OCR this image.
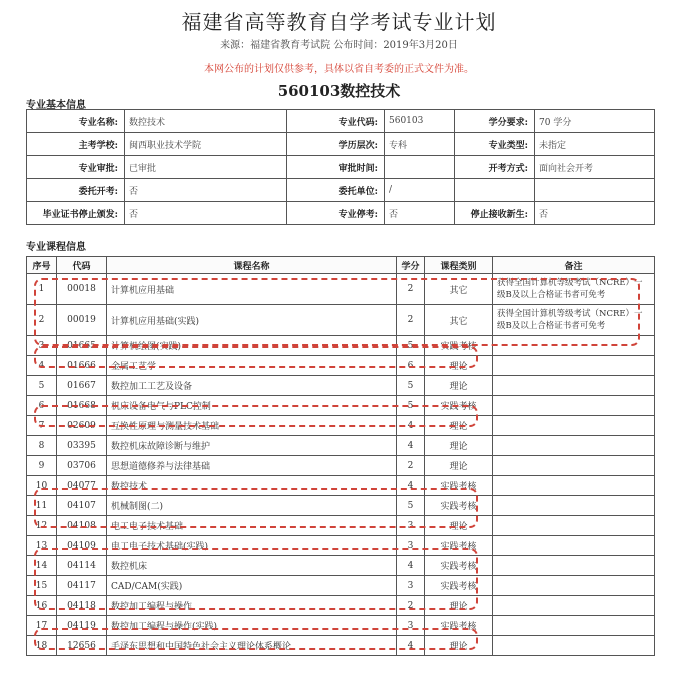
福建省高等教育自学考试专业计划
来源：福建省教育考试院 公布时间：2019年3月20日
本网公布的计划仅供参考，具体以省自考委的正式文件为准。
560103数控技术
专业基本信息
专业名称:	数控技术	专业代码:	560103	学分要求:	70 学分
主考学校:	闽西职业技术学院	学历层次:	专科	专业类型:	未指定
专业审批:	已审批	审批时间:		开考方式:	面向社会开考
委托开考:	否	委托单位:	/		
毕业证书停止颁发:	否	专业停考:	否	停止接收新生:	否
专业课程信息
序号	代码	课程名称	学分	课程类别	备注
1	00018	计算机应用基础	2	其它	获得全国计算机等级考试（NCRE）一级B及以上合格证书者可免考
2	00019	计算机应用基础(实践)	2	其它	获得全国计算机等级考试（NCRE）一级B及以上合格证书者可免考
3	01665	计算机绘图(实践)	5	实践考核	
4	01666	金属工艺学	6	理论	
5	01667	数控加工工艺及设备	5	理论	
6	01668	机床设备电气与PLC控制	5	实践考核	
7	02609	互换性原理与测量技术基础	4	理论	
8	03395	数控机床故障诊断与维护	4	理论	
9	03706	思想道德修养与法律基础	2	理论	
10	04077	数控技术	4	实践考核	
11	04107	机械制图(二)	5	实践考核	
12	04108	电工电子技术基础	3	理论	
13	04109	电工电子技术基础(实践)	3	实践考核	
14	04114	数控机床	4	实践考核	
15	04117	CAD/CAM(实践)	3	实践考核	
16	04118	数控加工编程与操作	2	理论	
17	04119	数控加工编程与操作(实践)	3	实践考核	
18	12656	毛泽东思想和中国特色社会主义理论体系概论	4	理论	
